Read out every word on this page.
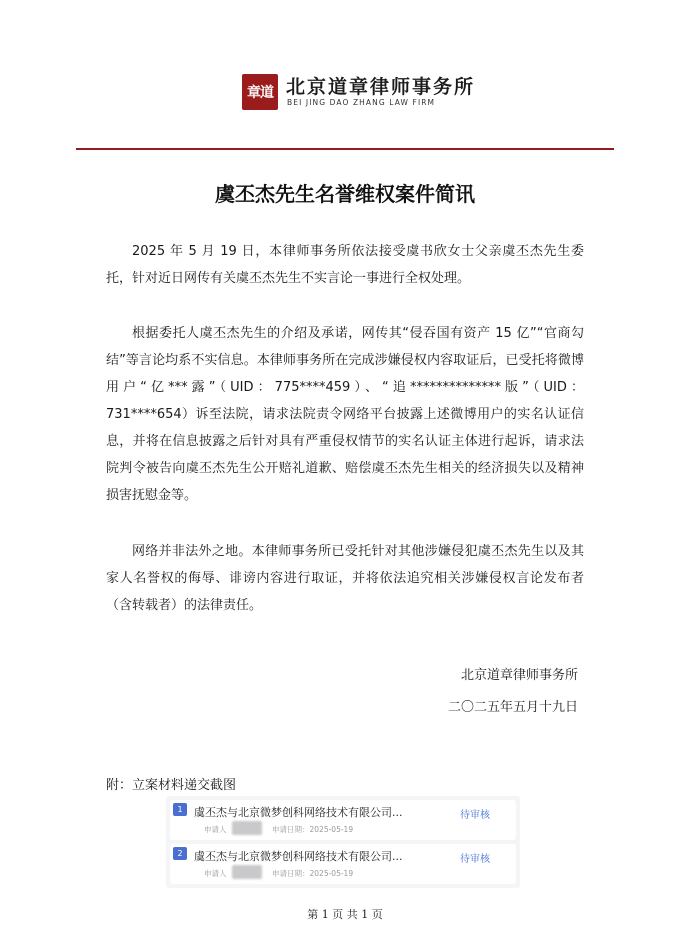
章道 北京道章律师事务所
BEI JING DAO ZHANG LAW FIRM
虞丕杰先生名誉维权案件简讯

2025 年 5 月 19 日，本律师事务所依法接受虞书欣女士父亲虞丕杰先生委托，针对近日网传有关虞丕杰先生不实言论一事进行全权处理。

根据委托人虞丕杰先生的介绍及承诺，网传其“侵吞国有资产 15 亿”“官商勾结”等言论均系不实信息。本律师事务所在完成涉嫌侵权内容取证后，已受托将微博用户“亿***露”（UID：775****459）、“追**************版”（UID：731****654）诉至法院，请求法院责令网络平台披露上述微博用户的实名认证信息，并将在信息披露之后针对具有严重侵权情节的实名认证主体进行起诉，请求法院判令被告向虞丕杰先生公开赔礼道歉、赔偿虞丕杰先生相关的经济损失以及精神损害抚慰金等。

网络并非法外之地。本律师事务所已受托针对其他涉嫌侵犯虞丕杰先生以及其家人名誉权的侮辱、诽谤内容进行取证，并将依法追究相关涉嫌侵权言论发布者（含转载者）的法律责任。

北京道章律师事务所
二〇二五年五月十九日
附：立案材料递交截图
1	虞丕杰与北京微梦创科网络技术有限公司...	待审核
申请人	申请日期：2025-05-19
2	虞丕杰与北京微梦创科网络技术有限公司...	待审核
申请人	申请日期：2025-05-19
第 1 页 共 1 页
